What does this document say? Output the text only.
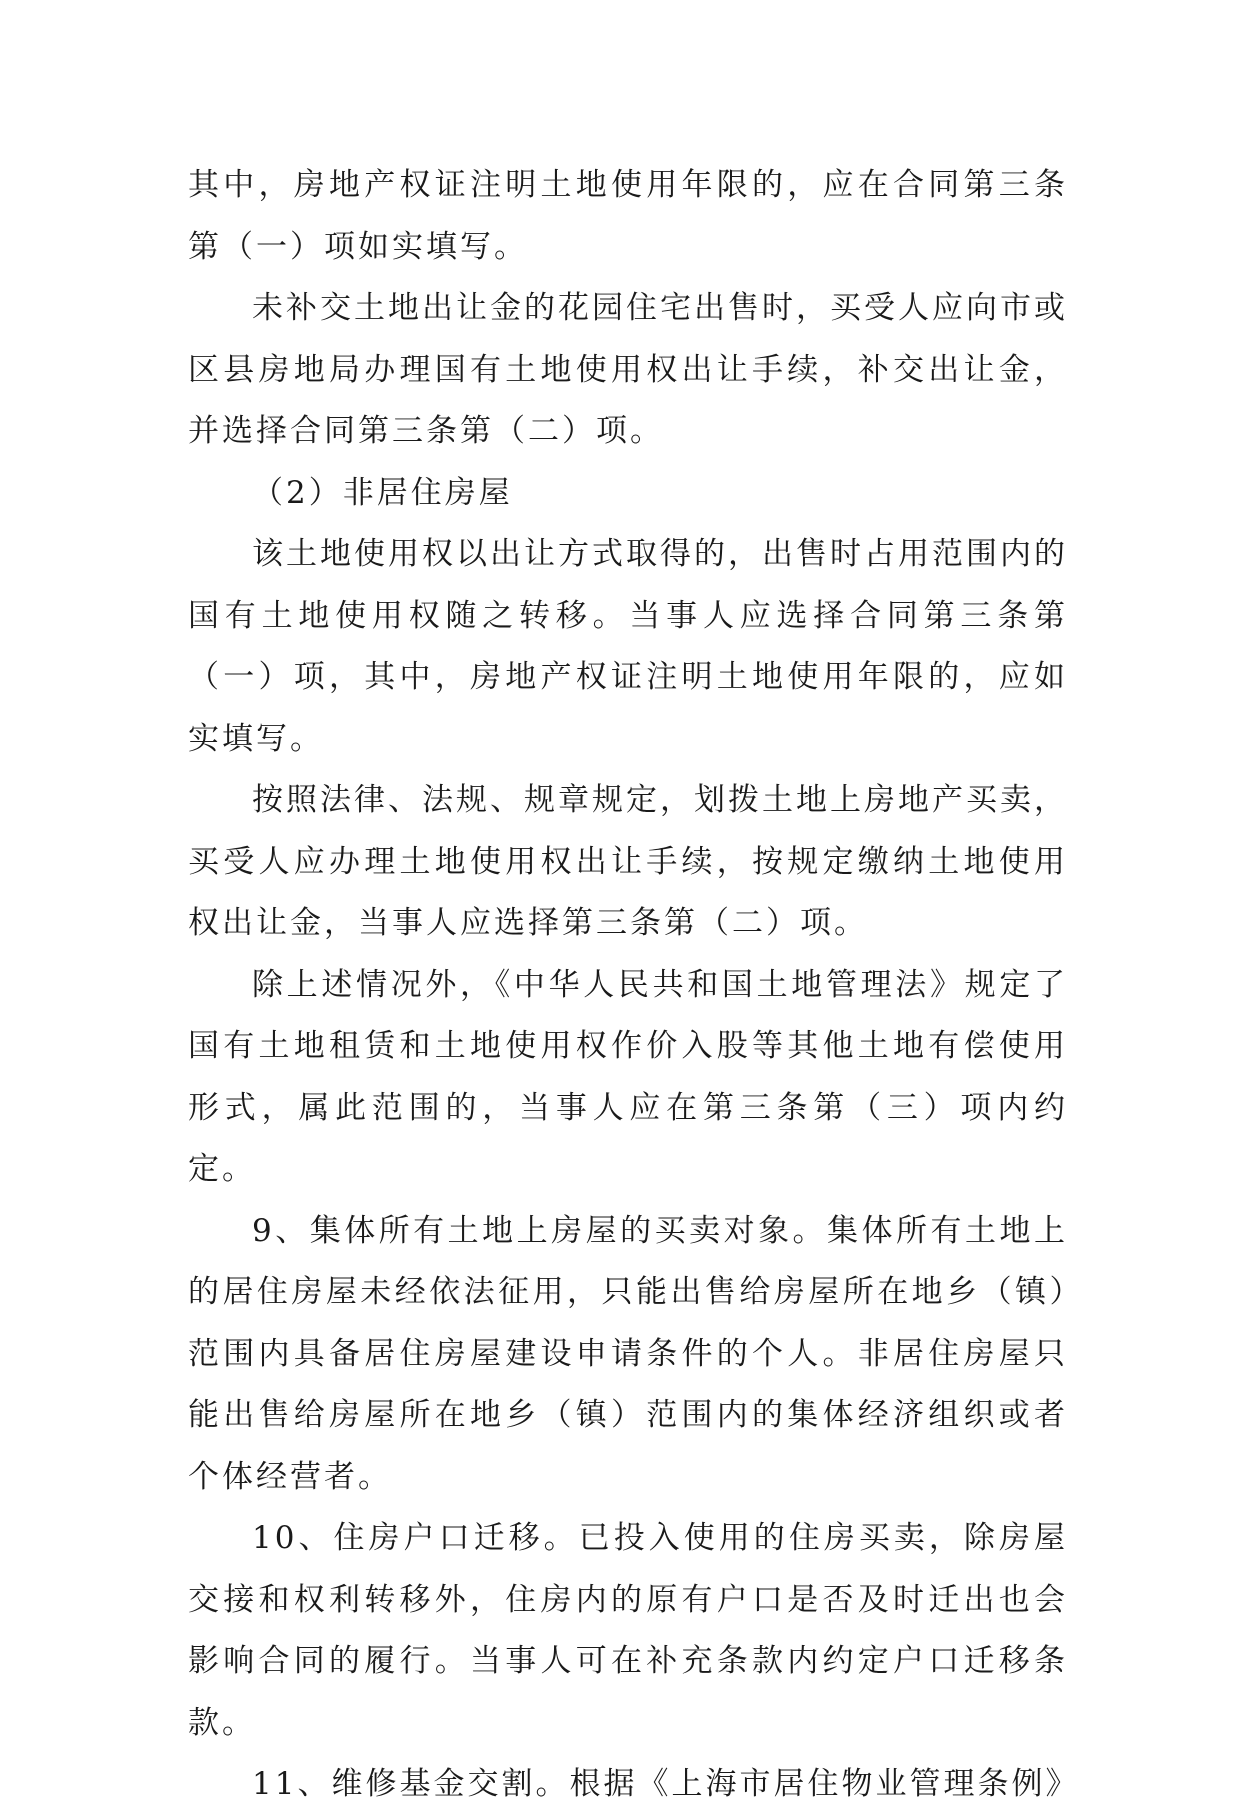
其中，房地产权证注明土地使用年限的，应在合同第三条第（一）项如实填写。

未补交土地出让金的花园住宅出售时，买受人应向市或区县房地局办理国有土地使用权出让手续，补交出让金，并选择合同第三条第（二）项。

（2）非居住房屋

该土地使用权以出让方式取得的，出售时占用范围内的国有土地使用权随之转移。当事人应选择合同第三条第（一）项，其中，房地产权证注明土地使用年限的，应如实填写。

按照法律、法规、规章规定，划拨土地上房地产买卖，买受人应办理土地使用权出让手续，按规定缴纳土地使用权出让金，当事人应选择第三条第（二）项。

除上述情况外，《中华人民共和国土地管理法》规定了国有土地租赁和土地使用权作价入股等其他土地有偿使用形式，属此范围的，当事人应在第三条第（三）项内约定。

9、集体所有土地上房屋的买卖对象。集体所有土地上的居住房屋未经依法征用，只能出售给房屋所在地乡（镇）范围内具备居住房屋建设申请条件的个人。非居住房屋只能出售给房屋所在地乡（镇）范围内的集体经济组织或者个体经营者。

10、住房户口迁移。已投入使用的住房买卖，除房屋交接和权利转移外，住房内的原有户口是否及时迁出也会影响合同的履行。当事人可在补充条款内约定户口迁移条款。

11、维修基金交割。根据《上海市居住物业管理条例》
